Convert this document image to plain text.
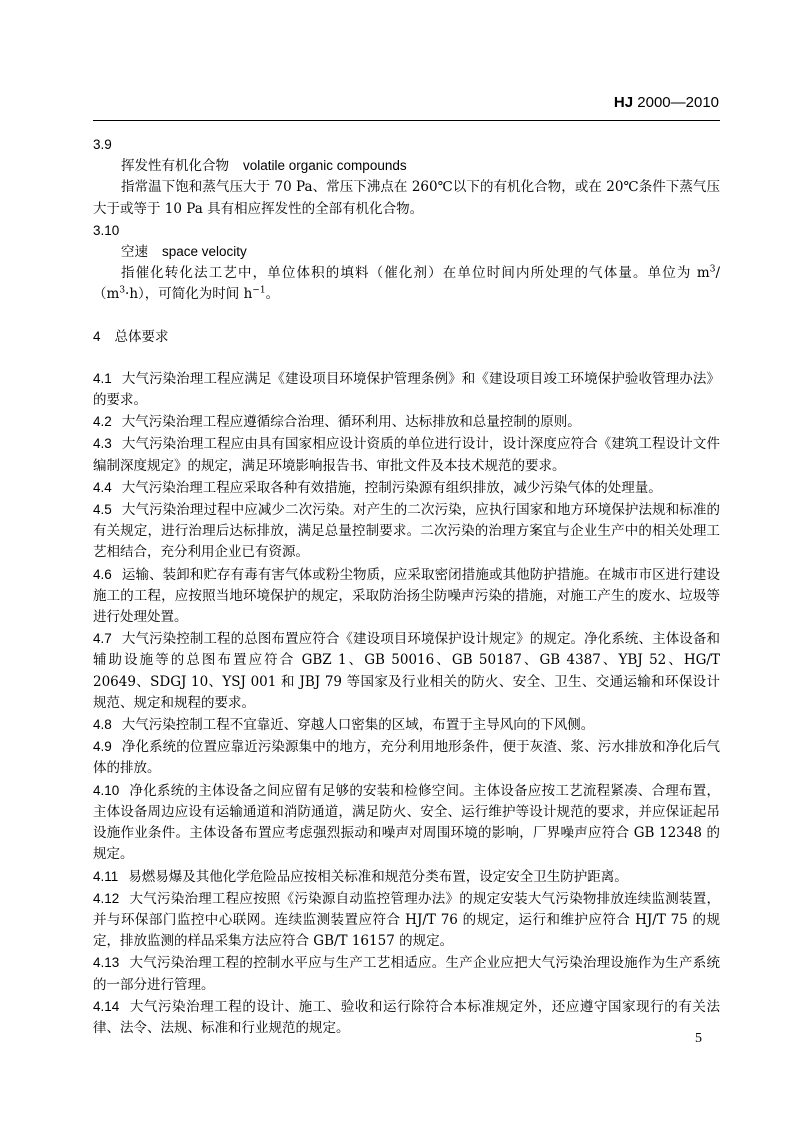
HJ 2000—2010

3.9

挥发性有机化合物 volatile organic compounds

指常温下饱和蒸气压大于 70 Pa、常压下沸点在 260℃以下的有机化合物，或在 20℃条件下蒸气压大于或等于 10 Pa 具有相应挥发性的全部有机化合物。

3.10

空速 space velocity

指催化转化法工艺中，单位体积的填料（催化剂）在单位时间内所处理的气体量。单位为 $m^3/(m^3\cdot h)$，可简化为时间 $h^{-1}$。

4 总体要求

4.1 大气污染治理工程应满足《建设项目环境保护管理条例》和《建设项目竣工环境保护验收管理办法》的要求。

4.2 大气污染治理工程应遵循综合治理、循环利用、达标排放和总量控制的原则。

4.3 大气污染治理工程应由具有国家相应设计资质的单位进行设计，设计深度应符合《建筑工程设计文件编制深度规定》的规定，满足环境影响报告书、审批文件及本技术规范的要求。

4.4 大气污染治理工程应采取各种有效措施，控制污染源有组织排放，减少污染气体的处理量。

4.5 大气污染治理过程中应减少二次污染。对产生的二次污染，应执行国家和地方环境保护法规和标准的有关规定，进行治理后达标排放，满足总量控制要求。二次污染的治理方案宜与企业生产中的相关处理工艺相结合，充分利用企业已有资源。

4.6 运输、装卸和贮存有毒有害气体或粉尘物质，应采取密闭措施或其他防护措施。在城市市区进行建设施工的工程，应按照当地环境保护的规定，采取防治扬尘防噪声污染的措施，对施工产生的废水、垃圾等进行处理处置。

4.7 大气污染控制工程的总图布置应符合《建设项目环境保护设计规定》的规定。净化系统、主体设备和辅助设施等的总图布置应符合 GBZ 1、GB 50016、GB 50187、GB 4387、YBJ 52、HG/T 20649、SDGJ 10、YSJ 001 和 JBJ 79 等国家及行业相关的防火、安全、卫生、交通运输和环保设计规范、规定和规程的要求。

4.8 大气污染控制工程不宜靠近、穿越人口密集的区域，布置于主导风向的下风侧。

4.9 净化系统的位置应靠近污染源集中的地方，充分利用地形条件，便于灰渣、浆、污水排放和净化后气体的排放。

4.10 净化系统的主体设备之间应留有足够的安装和检修空间。主体设备应按工艺流程紧凑、合理布置，主体设备周边应设有运输通道和消防通道，满足防火、安全、运行维护等设计规范的要求，并应保证起吊设施作业条件。主体设备布置应考虑强烈振动和噪声对周围环境的影响，厂界噪声应符合 GB 12348 的规定。

4.11 易燃易爆及其他化学危险品应按相关标准和规范分类布置，设定安全卫生防护距离。

4.12 大气污染治理工程应按照《污染源自动监控管理办法》的规定安装大气污染物排放连续监测装置，并与环保部门监控中心联网。连续监测装置应符合 HJ/T 76 的规定，运行和维护应符合 HJ/T 75 的规定，排放监测的样品采集方法应符合 GB/T 16157 的规定。

4.13 大气污染治理工程的控制水平应与生产工艺相适应。生产企业应把大气污染治理设施作为生产系统的一部分进行管理。

4.14 大气污染治理工程的设计、施工、验收和运行除符合本标准规定外，还应遵守国家现行的有关法律、法令、法规、标准和行业规范的规定。

5
